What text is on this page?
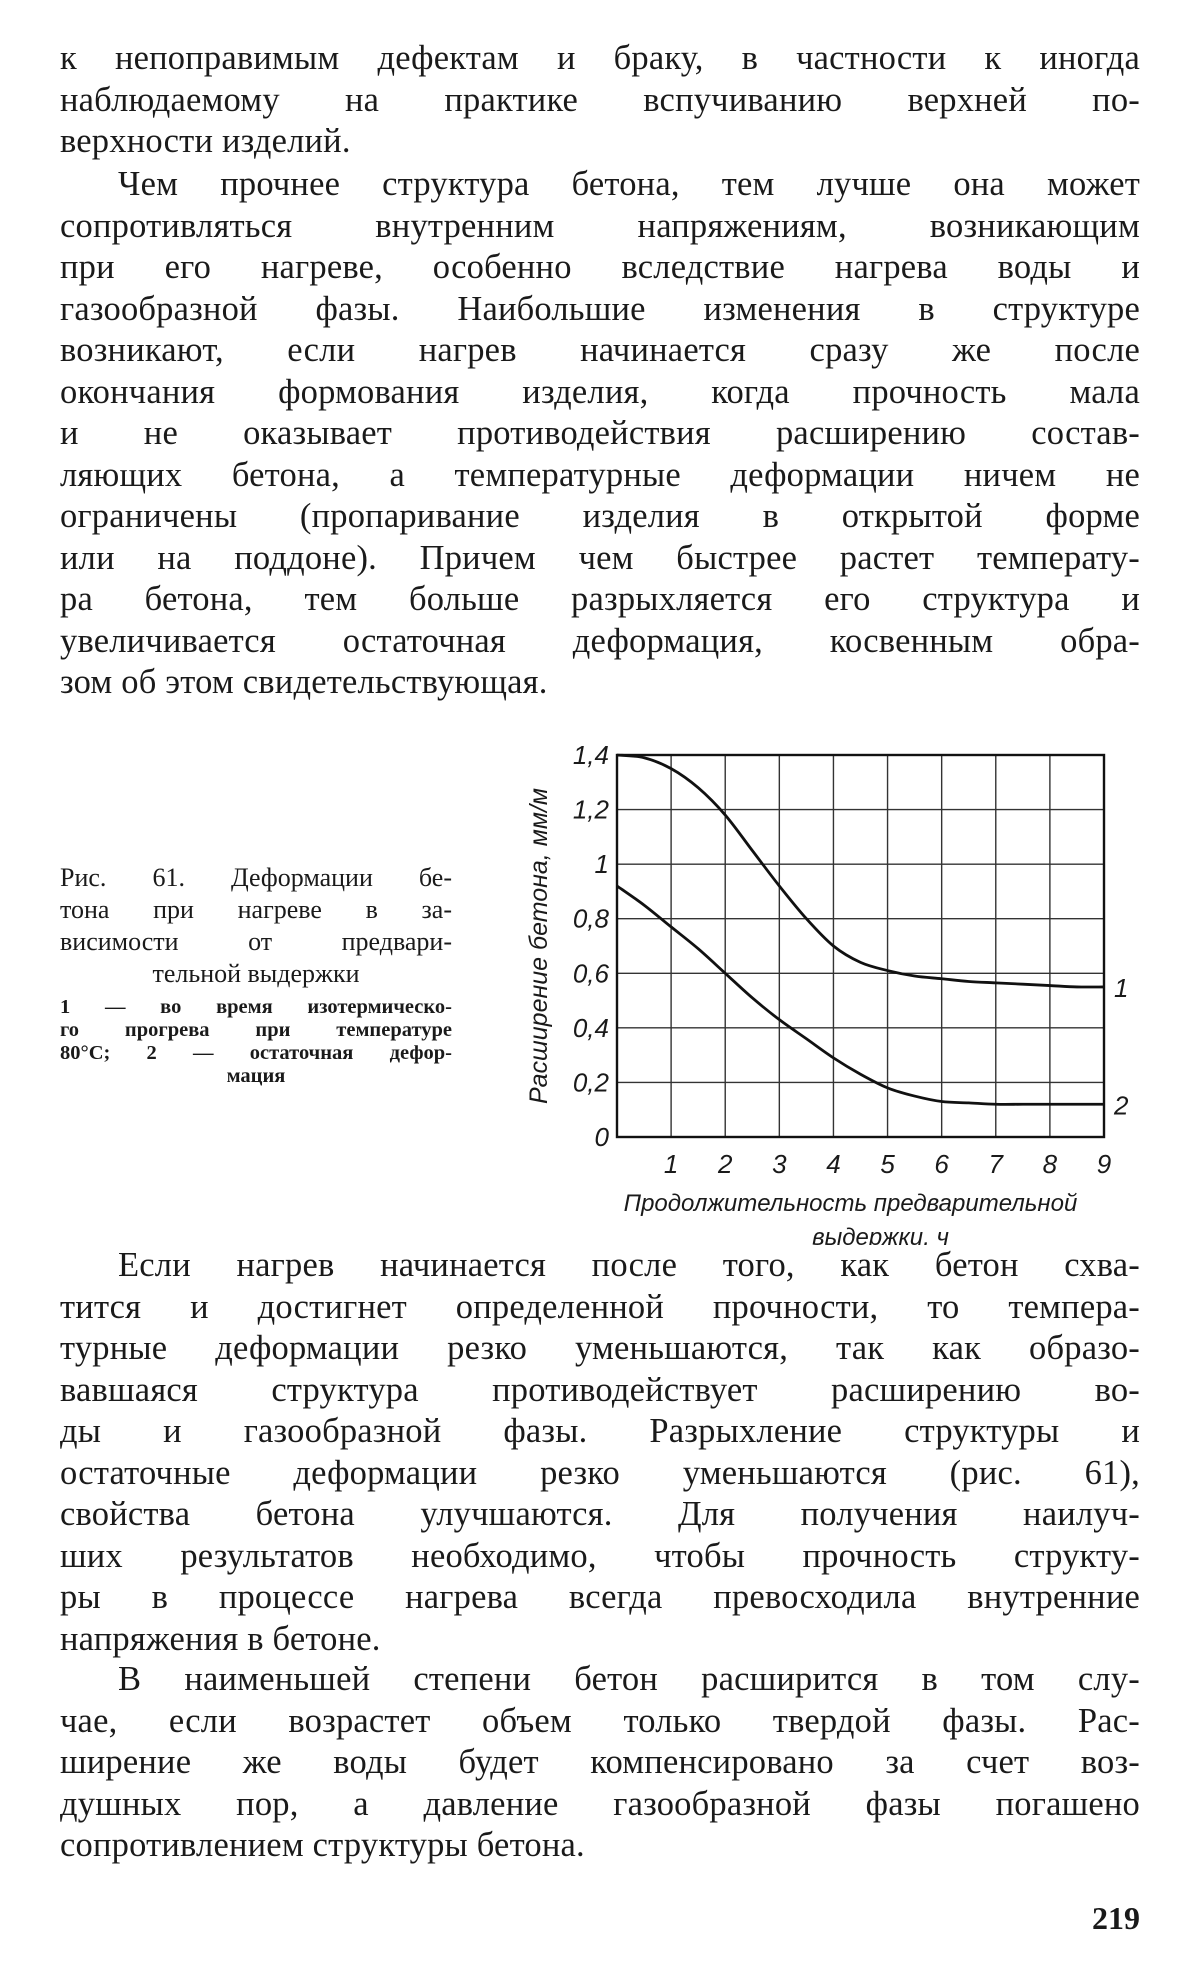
к непоправимым дефектам и браку, в частности к иногда
наблюдаемому на практике вспучиванию верхней по-
верхности изделий.

Чем прочнее структура бетона, тем лучше она может
сопротивляться внутренним напряжениям, возникающим
при его нагреве, особенно вследствие нагрева воды и
газообразной фазы. Наибольшие изменения в структуре
возникают, если нагрев начинается сразу же после
окончания формования изделия, когда прочность мала
и не оказывает противодействия расширению состав-
ляющих бетона, а температурные деформации ничем не
ограничены (пропаривание изделия в открытой форме
или на поддоне). Причем чем быстрее растет температу-
ра бетона, тем больше разрыхляется его структура и
увеличивается остаточная деформация, косвенным обра-
зом об этом свидетельствующая.

Рис. 61. Деформации бе-
тона при нагреве в за-
висимости от предвари-
тельной выдержки
1 — во время изотермическо-
го прогрева при температуре
80°С; 2 — остаточная дефор-
мация
0
0,2
0,4
0,6
0,8
1
1,2
1,4
1 2 3 4 5 6 7 8 9
Расширение бетона, мм/м
Продолжительность предварительной
выдержки, ч
1
2

Если нагрев начинается после того, как бетон схва-
тится и достигнет определенной прочности, то темпера-
турные деформации резко уменьшаются, так как образо-
вавшаяся структура противодействует расширению во-
ды и газообразной фазы. Разрыхление структуры и
остаточные деформации резко уменьшаются (рис. 61),
свойства бетона улучшаются. Для получения наилуч-
ших результатов необходимо, чтобы прочность структу-
ры в процессе нагрева всегда превосходила внутренние
напряжения в бетоне.

В наименьшей степени бетон расширится в том слу-
чае, если возрастет объем только твердой фазы. Рас-
ширение же воды будет компенсировано за счет воз-
душных пор, а давление газообразной фазы погашено
сопротивлением структуры бетона.

219
